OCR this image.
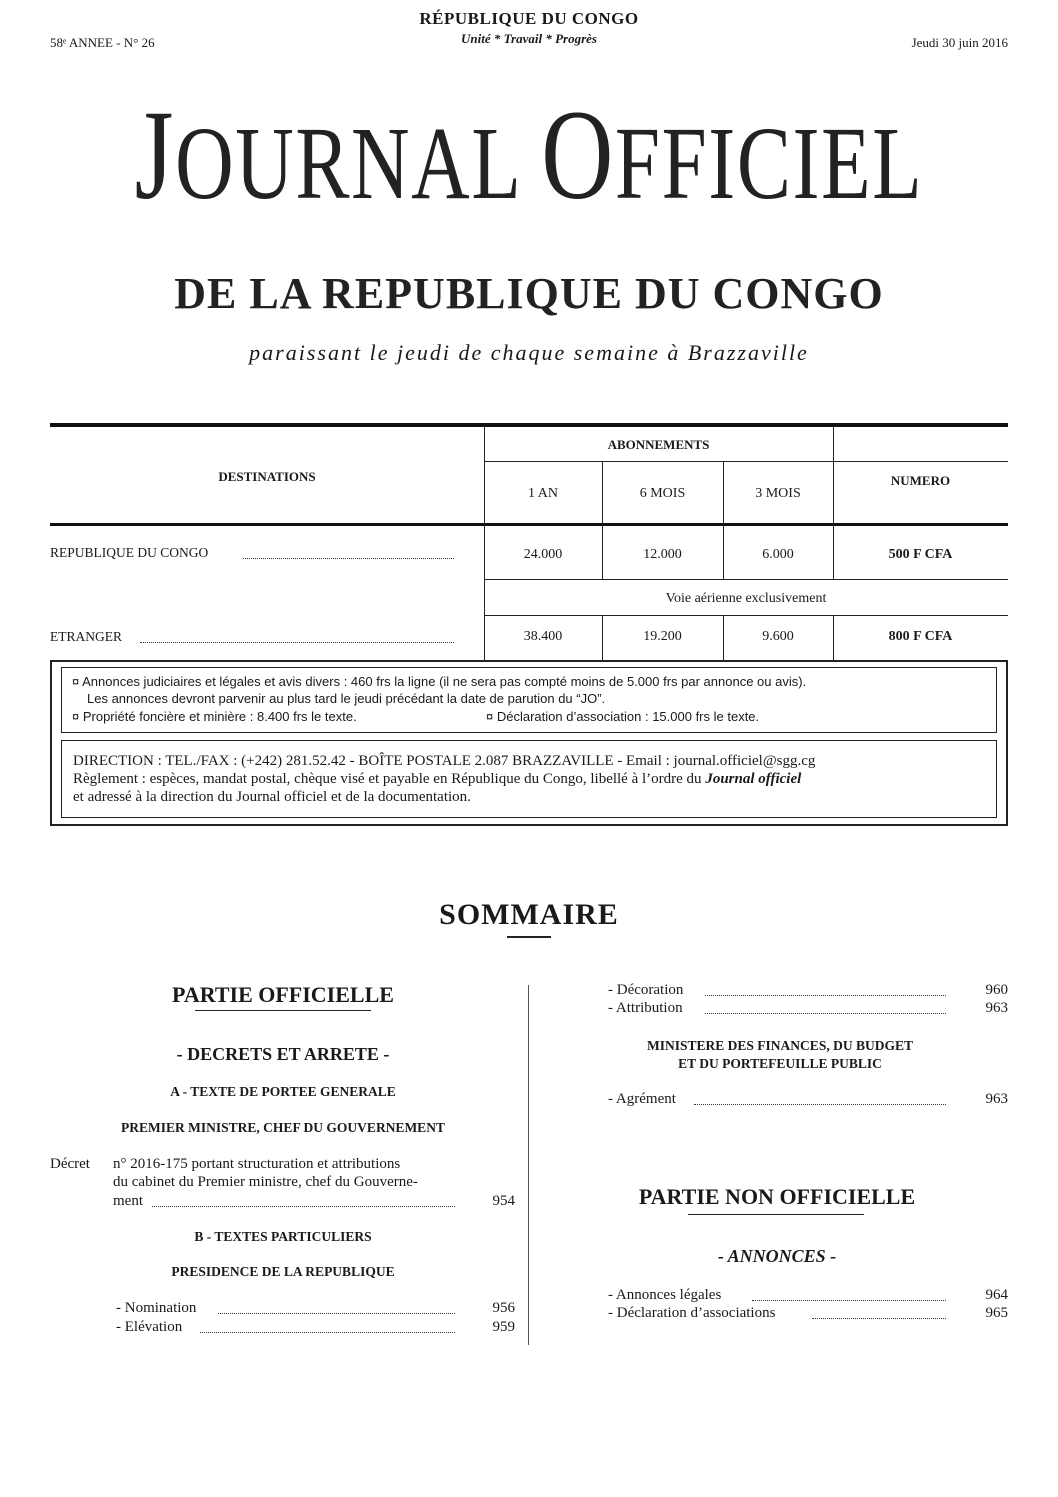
RÉPUBLIQUE DU CONGO
Unité * Travail * Progrès
58ᵉ ANNEE - N° 26	Jeudi 30 juin 2016
JOURNAL OFFICIEL
DE LA REPUBLIQUE DU CONGO
paraissant le jeudi de chaque semaine à Brazzaville
DESTINATIONS
ABONNEMENTS
NUMERO
1 AN	6 MOIS	3 MOIS
REPUBLIQUE DU CONGO	24.000	12.000	6.000	500 F CFA
Voie aérienne exclusivement
ETRANGER	38.400	19.200	9.600	800 F CFA
¤ Annonces judiciaires et légales et avis divers : 460 frs la ligne (il ne sera pas compté moins de 5.000 frs par annonce ou avis).
Les annonces devront parvenir au plus tard le jeudi précédant la date de parution du “JO”.
¤ Propriété foncière et minière : 8.400 frs le texte.	¤ Déclaration d’association : 15.000 frs le texte.
DIRECTION : TEL./FAX : (+242) 281.52.42 - BOÎTE POSTALE 2.087 BRAZZAVILLE - Email : journal.officiel@sgg.cg
Règlement : espèces, mandat postal, chèque visé et payable en République du Congo, libellé à l’ordre du Journal officiel
et adressé à la direction du Journal officiel et de la documentation.
SOMMAIRE
PARTIE OFFICIELLE
- DECRETS ET ARRETE -
A - TEXTE DE PORTEE GENERALE
PREMIER MINISTRE, CHEF DU GOUVERNEMENT
Décret n° 2016-175 portant structuration et attributions
du cabinet du Premier ministre, chef du Gouverne-
ment	954
B - TEXTES PARTICULIERS
PRESIDENCE DE LA REPUBLIQUE
- Nomination	956
- Elévation	959
- Décoration	960
- Attribution	963
MINISTERE DES FINANCES, DU BUDGET
ET DU PORTEFEUILLE PUBLIC
- Agrément	963
PARTIE NON OFFICIELLE
- ANNONCES -
- Annonces légales	964
- Déclaration d’associations	965
